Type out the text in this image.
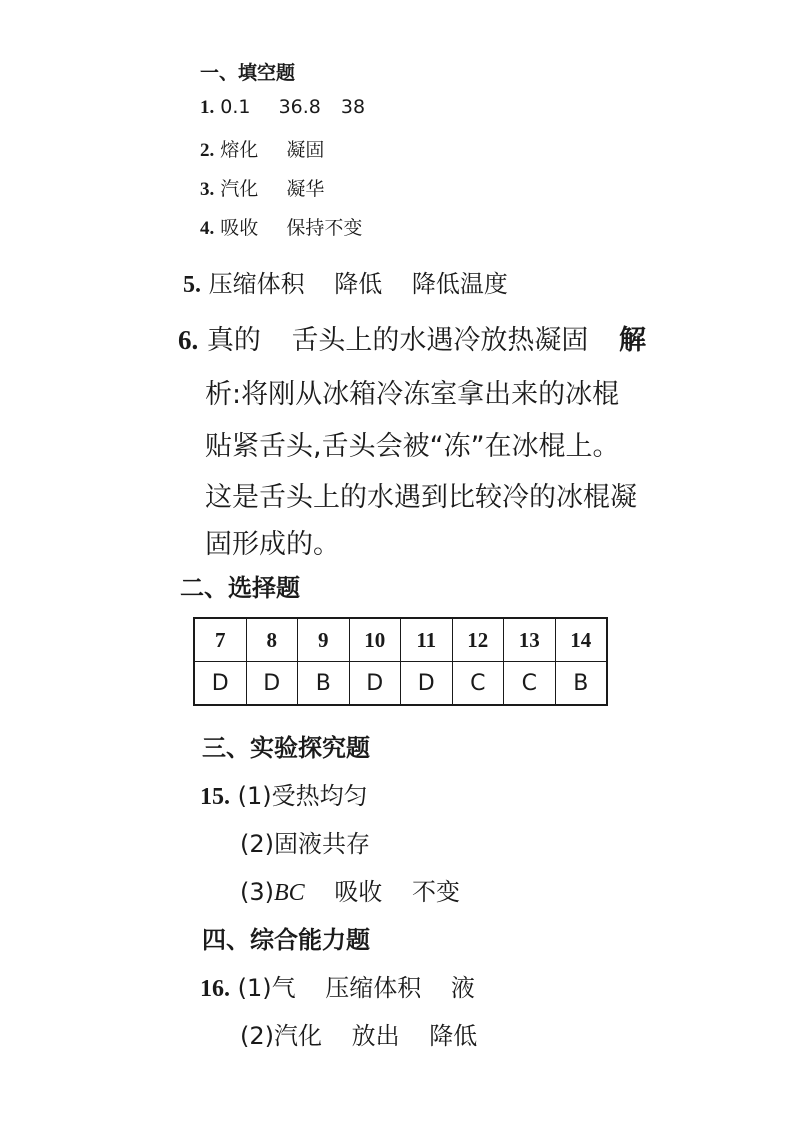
一、填空题
1. 0.1 36.8 38
2. 熔化 凝固
3. 汽化 凝华
4. 吸收 保持不变
5. 压缩体积 降低 降低温度
6. 真的 舌头上的水遇冷放热凝固 解
析:将刚从冰箱冷冻室拿出来的冰棍
贴紧舌头,舌头会被“冻”在冰棍上。
这是舌头上的水遇到比较冷的冰棍凝
固形成的。
二、选择题
7	8	9	10	11	12	13	14
D	D	B	D	D	C	C	B
三、实验探究题
15. (1)受热均匀
(2)固液共存
(3)BC 吸收 不变
四、综合能力题
16. (1)气 压缩体积 液
(2)汽化 放出 降低
